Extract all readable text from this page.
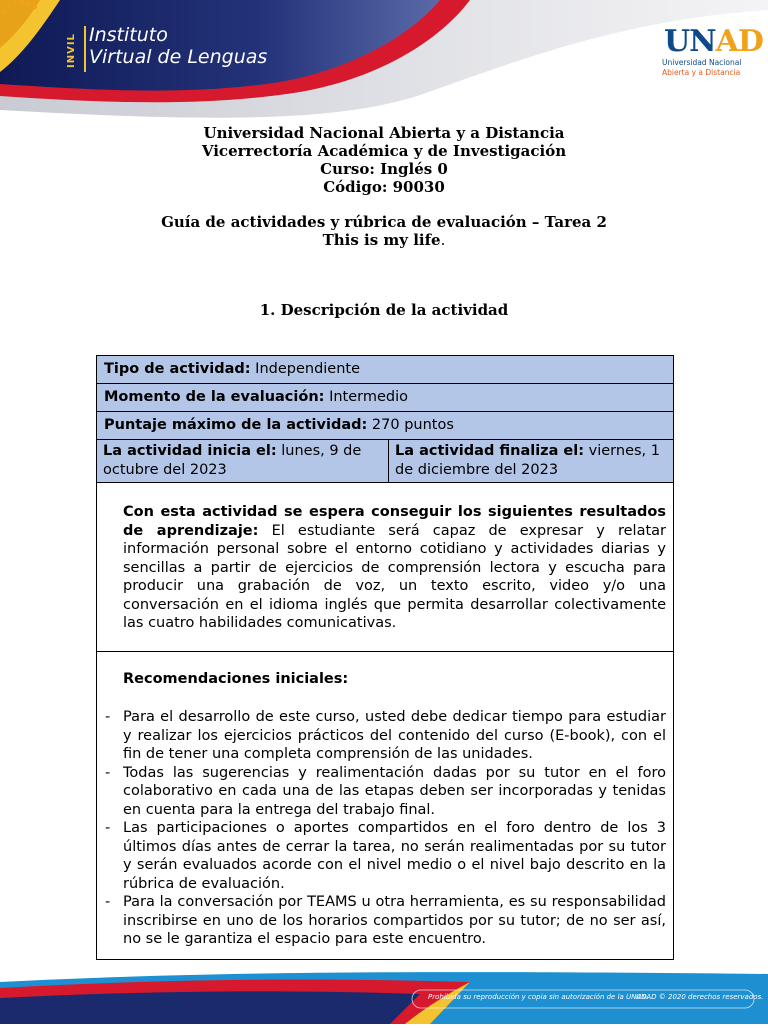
INVIL Instituto
Virtual de Lenguas	UNAD
Universidad Nacional
Abierta y a Distancia
Universidad Nacional Abierta y a Distancia
Vicerrectoría Académica y de Investigación
Curso: Inglés 0
Código: 90030
Guía de actividades y rúbrica de evaluación – Tarea 2
This is my life.
1. Descripción de la actividad
Tipo de actividad: Independiente
Momento de la evaluación: Intermedio
Puntaje máximo de la actividad: 270 puntos
La actividad inicia el: lunes, 9 de octubre del 2023
La actividad finaliza el: viernes, 1 de diciembre del 2023
Con esta actividad se espera conseguir los siguientes resultados de aprendizaje: El estudiante será capaz de expresar y relatar información personal sobre el entorno cotidiano y actividades diarias y sencillas a partir de ejercicios de comprensión lectora y escucha para producir una grabación de voz, un texto escrito, video y/o una conversación en el idioma inglés que permita desarrollar colectivamente las cuatro habilidades comunicativas.
Recomendaciones iniciales:
- Para el desarrollo de este curso, usted debe dedicar tiempo para estudiar y realizar los ejercicios prácticos del contenido del curso (E-book), con el fin de tener una completa comprensión de las unidades.
- Todas las sugerencias y realimentación dadas por su tutor en el foro colaborativo en cada una de las etapas deben ser incorporadas y tenidas en cuenta para la entrega del trabajo final.
- Las participaciones o aportes compartidos en el foro dentro de los 3 últimos días antes de cerrar la tarea, no serán realimentadas por su tutor y serán evaluados acorde con el nivel medio o el nivel bajo descrito en la rúbrica de evaluación.
- Para la conversación por TEAMS u otra herramienta, es su responsabilidad inscribirse en uno de los horarios compartidos por su tutor; de no ser así, no se le garantiza el espacio para este encuentro.
Prohibida su reproducción y copia sin autorización de la UNAD.
UNAD © 2020 derechos reservados.
